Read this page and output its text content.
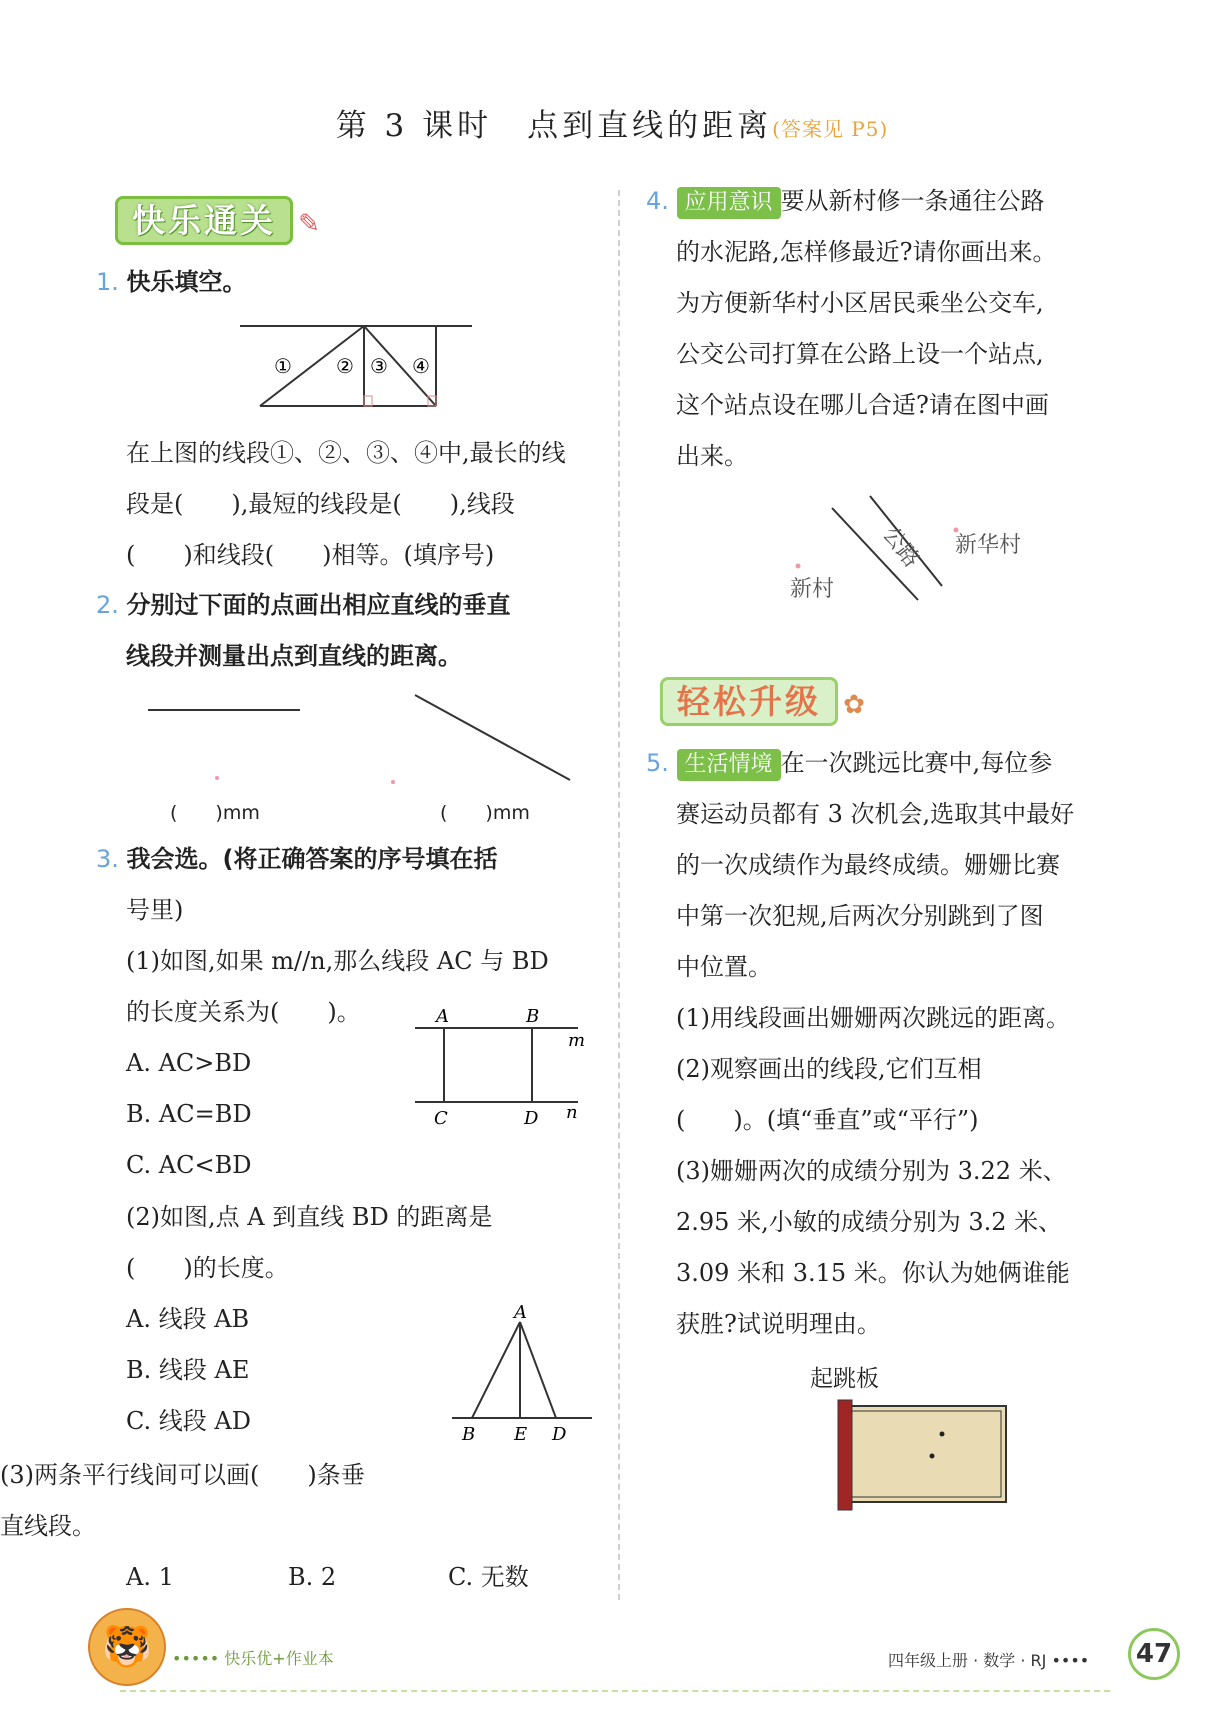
第 3 课时　点到直线的距离(答案见 P5)
快乐通关 ✎
1. 快乐填空。
① ② ③ ④
在上图的线段①、②、③、④中,最长的线
段是(　　),最短的线段是(　　),线段
(　　)和线段(　　)相等。(填序号)
2. 分别过下面的点画出相应直线的垂直
线段并测量出点到直线的距离。
(　　)mm	(　　)mm
3. 我会选。(将正确答案的序号填在括
号里)
(1)如图,如果 m//n,那么线段 AC 与 BD
的长度关系为(　　)。
A. AC>BD
B. AC=BD
C. AC<BD
A	B
m
C	D n
(2)如图,点 A 到直线 BD 的距离是
(　　)的长度。
A. 线段 AB
B. 线段 AE
C. 线段 AD
A
B E D
(3)两条平行线间可以画(　　)条垂
直线段。
A. 1	B. 2	C. 无数
4. 应用意识 要从新村修一条通往公路
的水泥路,怎样修最近?请你画出来。
为方便新华村小区居民乘坐公交车,
公交公司打算在公路上设一个站点,
这个站点设在哪儿合适?请在图中画
出来。
新村
新华村
公路
轻松升级 ✿
5. 生活情境 在一次跳远比赛中,每位参
赛运动员都有 3 次机会,选取其中最好
的一次成绩作为最终成绩。姗姗比赛
中第一次犯规,后两次分别跳到了图
中位置。
(1)用线段画出姗姗两次跳远的距离。
(2)观察画出的线段,它们互相
(　　)。(填“垂直”或“平行”)
(3)姗姗两次的成绩分别为 3.22 米、
2.95 米,小敏的成绩分别为 3.2 米、
3.09 米和 3.15 米。你认为她俩谁能
获胜?试说明理由。
起跳板
🐯	••••• 快乐优+作业本	四年级上册 · 数学 · RJ ••••	47
